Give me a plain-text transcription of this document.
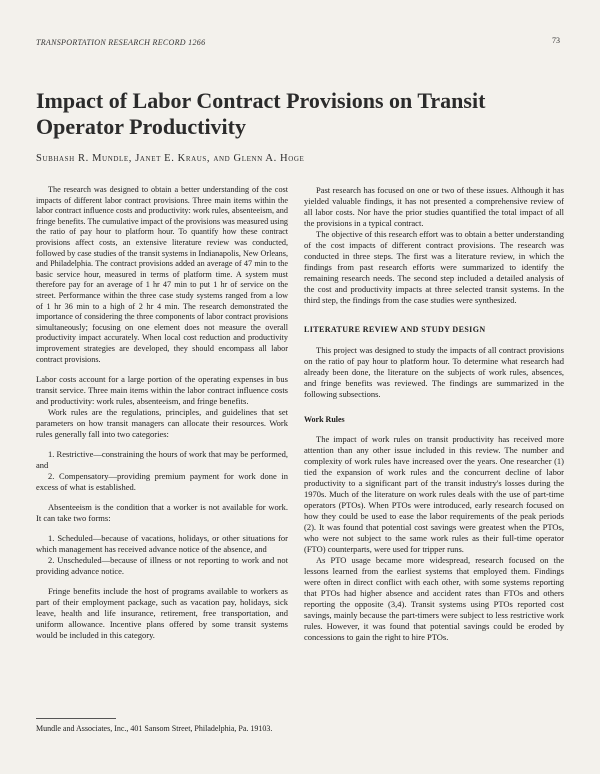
TRANSPORTATION RESEARCH RECORD 1266	73
Impact of Labor Contract Provisions on Transit Operator Productivity
Subhash R. Mundle, Janet E. Kraus, and Glenn A. Hoge

The research was designed to obtain a better understanding of the cost impacts of different labor contract provisions. Three main items within the labor contract influence costs and productivity: work rules, absenteeism, and fringe benefits. The cumulative impact of the provisions was measured using the ratio of pay hour to platform hour. To quantify how these contract provisions affect costs, an extensive literature review was conducted, followed by case studies of the transit systems in Indianapolis, New Orleans, and Philadelphia. The contract provisions added an average of 47 min to the basic service hour, measured in terms of platform time. A system must therefore pay for an average of 1 hr 47 min to put 1 hr of service on the street. Performance within the three case study systems ranged from a low of 1 hr 36 min to a high of 2 hr 4 min. The research demonstrated the importance of considering the three components of labor contract provisions simultaneously; focusing on one element does not measure the overall productivity impact accurately. When local cost reduction and productivity improvement strategies are developed, they should encompass all labor contract provisions.

Labor costs account for a large portion of the operating expenses in bus transit service. Three main items within the labor contract influence costs and productivity: work rules, absenteeism, and fringe benefits.

Work rules are the regulations, principles, and guidelines that set parameters on how transit managers can allocate their resources. Work rules generally fall into two categories:

1. Restrictive—constraining the hours of work that may be performed, and

2. Compensatory—providing premium payment for work done in excess of what is established.

Absenteeism is the condition that a worker is not available for work. It can take two forms:

1. Scheduled—because of vacations, holidays, or other situations for which management has received advance notice of the absence, and

2. Unscheduled—because of illness or not reporting to work and not providing advance notice.

Fringe benefits include the host of programs available to workers as part of their employment package, such as vacation pay, holidays, sick leave, health and life insurance, retirement, free transportation, and uniform allowance. Incentive plans offered by some transit systems would be included in this category.

Mundle and Associates, Inc., 401 Sansom Street, Philadelphia, Pa. 19103.

Past research has focused on one or two of these issues. Although it has yielded valuable findings, it has not presented a comprehensive review of all labor costs. Nor have the prior studies quantified the total impact of all the provisions in a typical contract.

The objective of this research effort was to obtain a better understanding of the cost impacts of different contract provisions. The research was conducted in three steps. The first was a literature review, in which the findings from past research efforts were summarized to identify the remaining research needs. The second step included a detailed analysis of the cost and productivity impacts at three selected transit systems. In the third step, the findings from the case studies were synthesized.

LITERATURE REVIEW AND STUDY DESIGN

This project was designed to study the impacts of all contract provisions on the ratio of pay hour to platform hour. To determine what research had already been done, the literature on the subjects of work rules, absences, and fringe benefits was reviewed. The findings are summarized in the following subsections.

Work Rules

The impact of work rules on transit productivity has received more attention than any other issue included in this review. The number and complexity of work rules have increased over the years. One researcher (1) tied the expansion of work rules and the concurrent decline of labor productivity to a significant part of the transit industry's losses during the 1970s. Much of the literature on work rules deals with the use of part-time operators (PTOs). When PTOs were introduced, early research focused on how they could be used to ease the labor requirements of the peak periods (2). It was found that potential cost savings were greatest when the PTOs, who were not subject to the same work rules as their full-time operator (FTO) counterparts, were used for tripper runs.

As PTO usage became more widespread, research focused on the lessons learned from the earliest systems that employed them. Findings were often in direct conflict with each other, with some systems reporting that PTOs had higher absence and accident rates than FTOs and others reporting the opposite (3,4). Transit systems using PTOs reported cost savings, mainly because the part-timers were subject to less restrictive work rules. However, it was found that potential savings could be eroded by concessions to gain the right to hire PTOs.
